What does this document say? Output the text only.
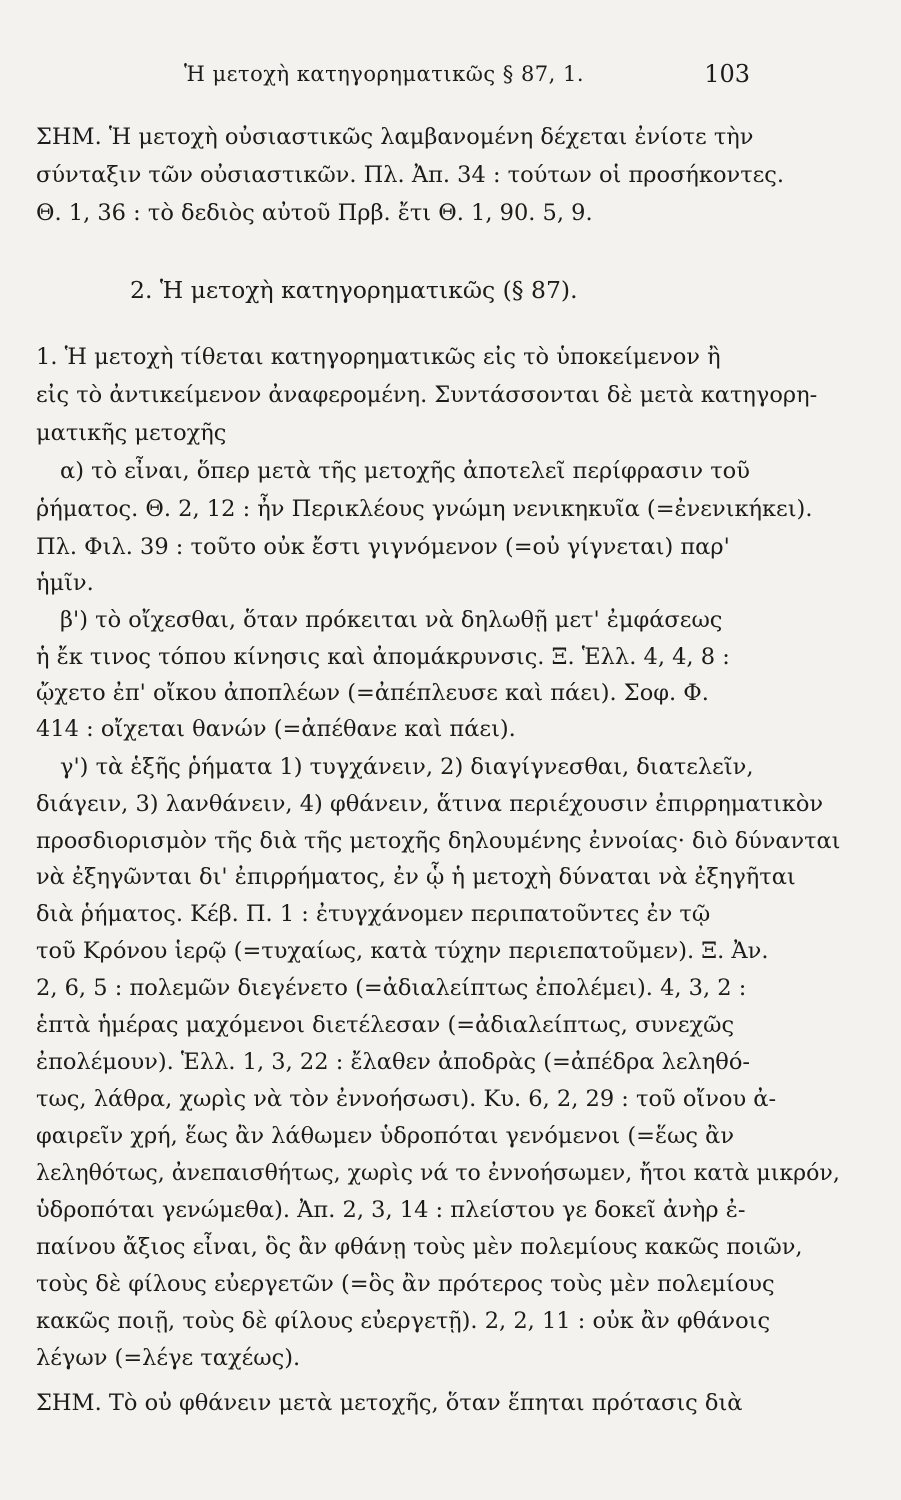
Ἡ μετοχὴ κατηγορηματικῶς § 87, 1.	103
ΣΗΜ. Ἡ μετοχὴ οὐσιαστικῶς λαμβανομένη δέχεται ἐνίοτε τὴν
σύνταξιν τῶν οὐσιαστικῶν. Πλ. Ἀπ. 34 : τούτων οἱ προσήκοντες.
Θ. 1, 36 : τὸ δεδιὸς αὐτοῦ Πρβ. ἔτι Θ. 1, 90. 5, 9.
2. Ἡ μετοχὴ κατηγορηματικῶς (§ 87).
1. Ἡ μετοχὴ τίθεται κατηγορηματικῶς εἰς τὸ ὑποκείμενον ἢ
εἰς τὸ ἀντικείμενον ἀναφερομένη. Συντάσσονται δὲ μετὰ κατηγορη-
ματικῆς μετοχῆς
α) τὸ εἶναι, ὅπερ μετὰ τῆς μετοχῆς ἀποτελεῖ περίφρασιν τοῦ
ῥήματος. Θ. 2, 12 : ἦν Περικλέους γνώμη νενικηκυῖα (=ἐνενικήκει).
Πλ. Φιλ. 39 : τοῦτο οὐκ ἔστι γιγνόμενον (=οὐ γίγνεται) παρ'
ἡμῖν.
β') τὸ οἴχεσθαι, ὅταν πρόκειται νὰ δηλωθῇ μετ' ἐμφάσεως
ἡ ἔκ τινος τόπου κίνησις καὶ ἀπομάκρυνσις. Ξ. Ἑλλ. 4, 4, 8 :
ᾤχετο ἐπ' οἴκου ἀποπλέων (=ἀπέπλευσε καὶ πάει). Σοφ. Φ.
414 : οἴχεται θανών (=ἀπέθανε καὶ πάει).
γ') τὰ ἑξῆς ῥήματα 1) τυγχάνειν, 2) διαγίγνεσθαι, διατελεῖν,
διάγειν, 3) λανθάνειν, 4) φθάνειν, ἅτινα περιέχουσιν ἐπιρρηματικὸν
προσδιορισμὸν τῆς διὰ τῆς μετοχῆς δηλουμένης ἐννοίας· διὸ δύνανται
νὰ ἐξηγῶνται δι' ἐπιρρήματος, ἐν ᾧ ἡ μετοχὴ δύναται νὰ ἐξηγῆται
διὰ ῥήματος. Κέβ. Π. 1 : ἐτυγχάνομεν περιπατοῦντες ἐν τῷ
τοῦ Κρόνου ἱερῷ (=τυχαίως, κατὰ τύχην περιεπατοῦμεν). Ξ. Ἀν.
2, 6, 5 : πολεμῶν διεγένετο (=ἀδιαλείπτως ἐπολέμει). 4, 3, 2 :
ἑπτὰ ἡμέρας μαχόμενοι διετέλεσαν (=ἀδιαλείπτως, συνεχῶς
ἐπολέμουν). Ἑλλ. 1, 3, 22 : ἔλαθεν ἀποδρὰς (=ἀπέδρα λεληθό-
τως, λάθρα, χωρὶς νὰ τὸν ἐννοήσωσι). Κυ. 6, 2, 29 : τοῦ οἴνου ἀ-
φαιρεῖν χρή, ἕως ἂν λάθωμεν ὑδροπόται γενόμενοι (=ἕως ἂν
λεληθότως, ἀνεπαισθήτως, χωρὶς νά το ἐννοήσωμεν, ἤτοι κατὰ μικρόν,
ὑδροπόται γενώμεθα). Ἀπ. 2, 3, 14 : πλείστου γε δοκεῖ ἀνὴρ ἐ-
παίνου ἄξιος εἶναι, ὃς ἂν φθάνῃ τοὺς μὲν πολεμίους κακῶς ποιῶν,
τοὺς δὲ φίλους εὐεργετῶν (=ὃς ἂν πρότερος τοὺς μὲν πολεμίους
κακῶς ποιῇ, τοὺς δὲ φίλους εὐεργετῇ). 2, 2, 11 : οὐκ ἂν φθάνοις
λέγων (=λέγε ταχέως).
ΣΗΜ. Τὸ οὐ φθάνειν μετὰ μετοχῆς, ὅταν ἕπηται πρότασις διὰ
